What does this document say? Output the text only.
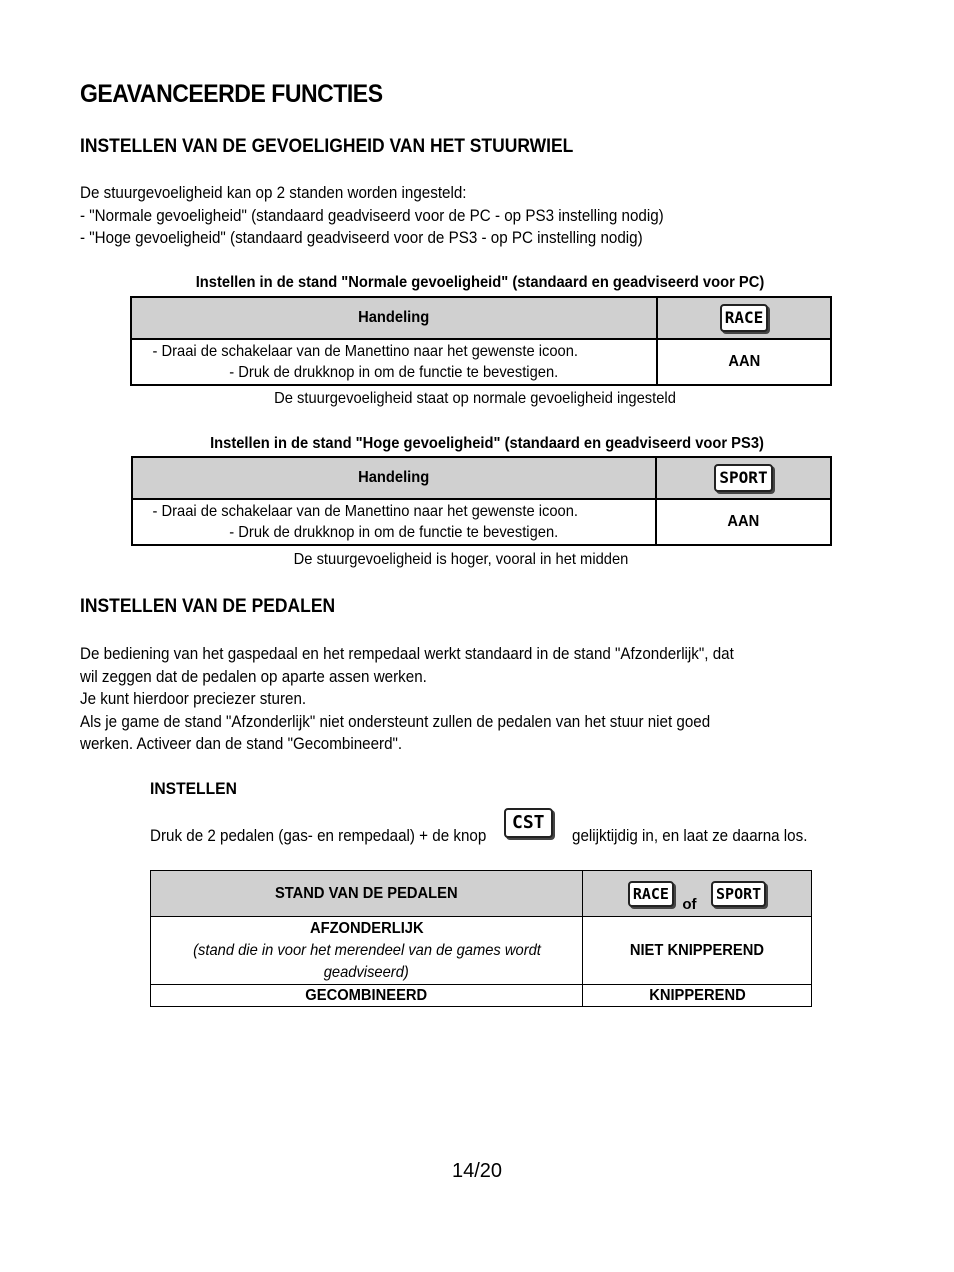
GEAVANCEERDE FUNCTIES
INSTELLEN VAN DE GEVOELIGHEID VAN HET STUURWIEL
De stuurgevoeligheid kan op 2 standen worden ingesteld:
- "Normale gevoeligheid" (standaard geadviseerd voor de PC - op PS3 instelling nodig)
- "Hoge gevoeligheid" (standaard geadviseerd voor de PS3 - op PC instelling nodig)
Instellen in de stand "Normale gevoeligheid" (standaard en geadviseerd voor PC)
Handeling	RACE
- Draai de schakelaar van de Manettino naar het gewenste icoon.
- Druk de drukknop in om de functie te bevestigen.	AAN
De stuurgevoeligheid staat op normale gevoeligheid ingesteld
Instellen in de stand "Hoge gevoeligheid" (standaard en geadviseerd voor PS3)
Handeling	SPORT
- Draai de schakelaar van de Manettino naar het gewenste icoon.
- Druk de drukknop in om de functie te bevestigen.	AAN
De stuurgevoeligheid is hoger, vooral in het midden
INSTELLEN VAN DE PEDALEN
De bediening van het gaspedaal en het rempedaal werkt standaard in de stand "Afzonderlijk", dat
wil zeggen dat de pedalen op aparte assen werken.
Je kunt hierdoor preciezer sturen.
Als je game de stand "Afzonderlijk" niet ondersteunt zullen de pedalen van het stuur niet goed
werken. Activeer dan de stand "Gecombineerd".
INSTELLEN
Druk de 2 pedalen (gas- en rempedaal) + de knop
CST
gelijktijdig in, en laat ze daarna los.
STAND VAN DE PEDALEN	RACE of SPORT

AFZONDERLIJK
(stand die in voor het merendeel van de games wordt
geadviseerd)	NIET KNIPPEREND
GECOMBINEERD	KNIPPEREND
14/20
